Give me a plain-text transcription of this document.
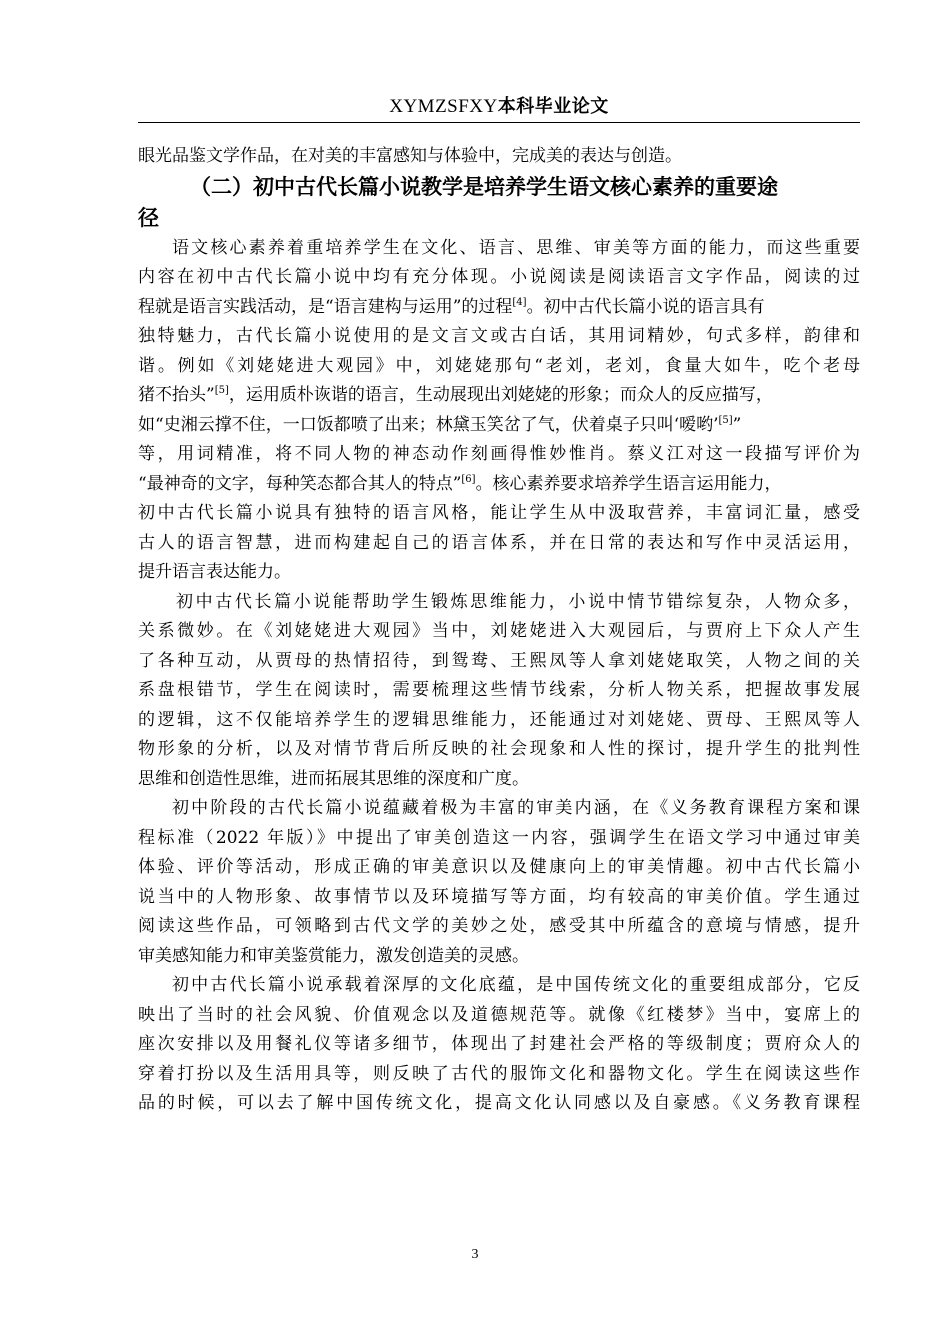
XYMZSFXY本科毕业论文
眼光品鉴文学作品，在对美的丰富感知与体验中，完成美的表达与创造。
（二）初中古代长篇小说教学是培养学生语文核心素养的重要途
径
语文核心素养着重培养学生在文化、语言、思维、审美等方面的能力，而这些重要
内容在初中古代长篇小说中均有充分体现。小说阅读是阅读语言文字作品，阅读的过
程就是语言实践活动，是“语言建构与运用”的过程[4]。初中古代长篇小说的语言具有
独特魅力，古代长篇小说使用的是文言文或古白话，其用词精妙，句式多样，韵律和
谐。例如《刘姥姥进大观园》中，刘姥姥那句“老刘，老刘，食量大如牛，吃个老母
猪不抬头”[5]，运用质朴诙谐的语言，生动展现出刘姥姥的形象；而众人的反应描写，
如“史湘云撑不住，一口饭都喷了出来；林黛玉笑岔了气，伏着桌子只叫‘嗳哟’[5]”
等，用词精准，将不同人物的神态动作刻画得惟妙惟肖。蔡义江对这一段描写评价为
“最神奇的文字，每种笑态都合其人的特点”[6]。核心素养要求培养学生语言运用能力，
初中古代长篇小说具有独特的语言风格，能让学生从中汲取营养，丰富词汇量，感受
古人的语言智慧，进而构建起自己的语言体系，并在日常的表达和写作中灵活运用，
提升语言表达能力。
初中古代长篇小说能帮助学生锻炼思维能力，小说中情节错综复杂，人物众多，
关系微妙。在《刘姥姥进大观园》当中，刘姥姥进入大观园后，与贾府上下众人产生
了各种互动，从贾母的热情招待，到鸳鸯、王熙凤等人拿刘姥姥取笑，人物之间的关
系盘根错节，学生在阅读时，需要梳理这些情节线索，分析人物关系，把握故事发展
的逻辑，这不仅能培养学生的逻辑思维能力，还能通过对刘姥姥、贾母、王熙凤等人
物形象的分析，以及对情节背后所反映的社会现象和人性的探讨，提升学生的批判性
思维和创造性思维，进而拓展其思维的深度和广度。
初中阶段的古代长篇小说蕴藏着极为丰富的审美内涵，在《义务教育课程方案和课
程标准（2022 年版）》中提出了审美创造这一内容，强调学生在语文学习中通过审美
体验、评价等活动，形成正确的审美意识以及健康向上的审美情趣。初中古代长篇小
说当中的人物形象、故事情节以及环境描写等方面，均有较高的审美价值。学生通过
阅读这些作品，可领略到古代文学的美妙之处，感受其中所蕴含的意境与情感，提升
审美感知能力和审美鉴赏能力，激发创造美的灵感。
初中古代长篇小说承载着深厚的文化底蕴，是中国传统文化的重要组成部分，它反
映出了当时的社会风貌、价值观念以及道德规范等。就像《红楼梦》当中，宴席上的
座次安排以及用餐礼仪等诸多细节，体现出了封建社会严格的等级制度；贾府众人的
穿着打扮以及生活用具等，则反映了古代的服饰文化和器物文化。学生在阅读这些作
品的时候，可以去了解中国传统文化，提高文化认同感以及自豪感。《义务教育课程
3
